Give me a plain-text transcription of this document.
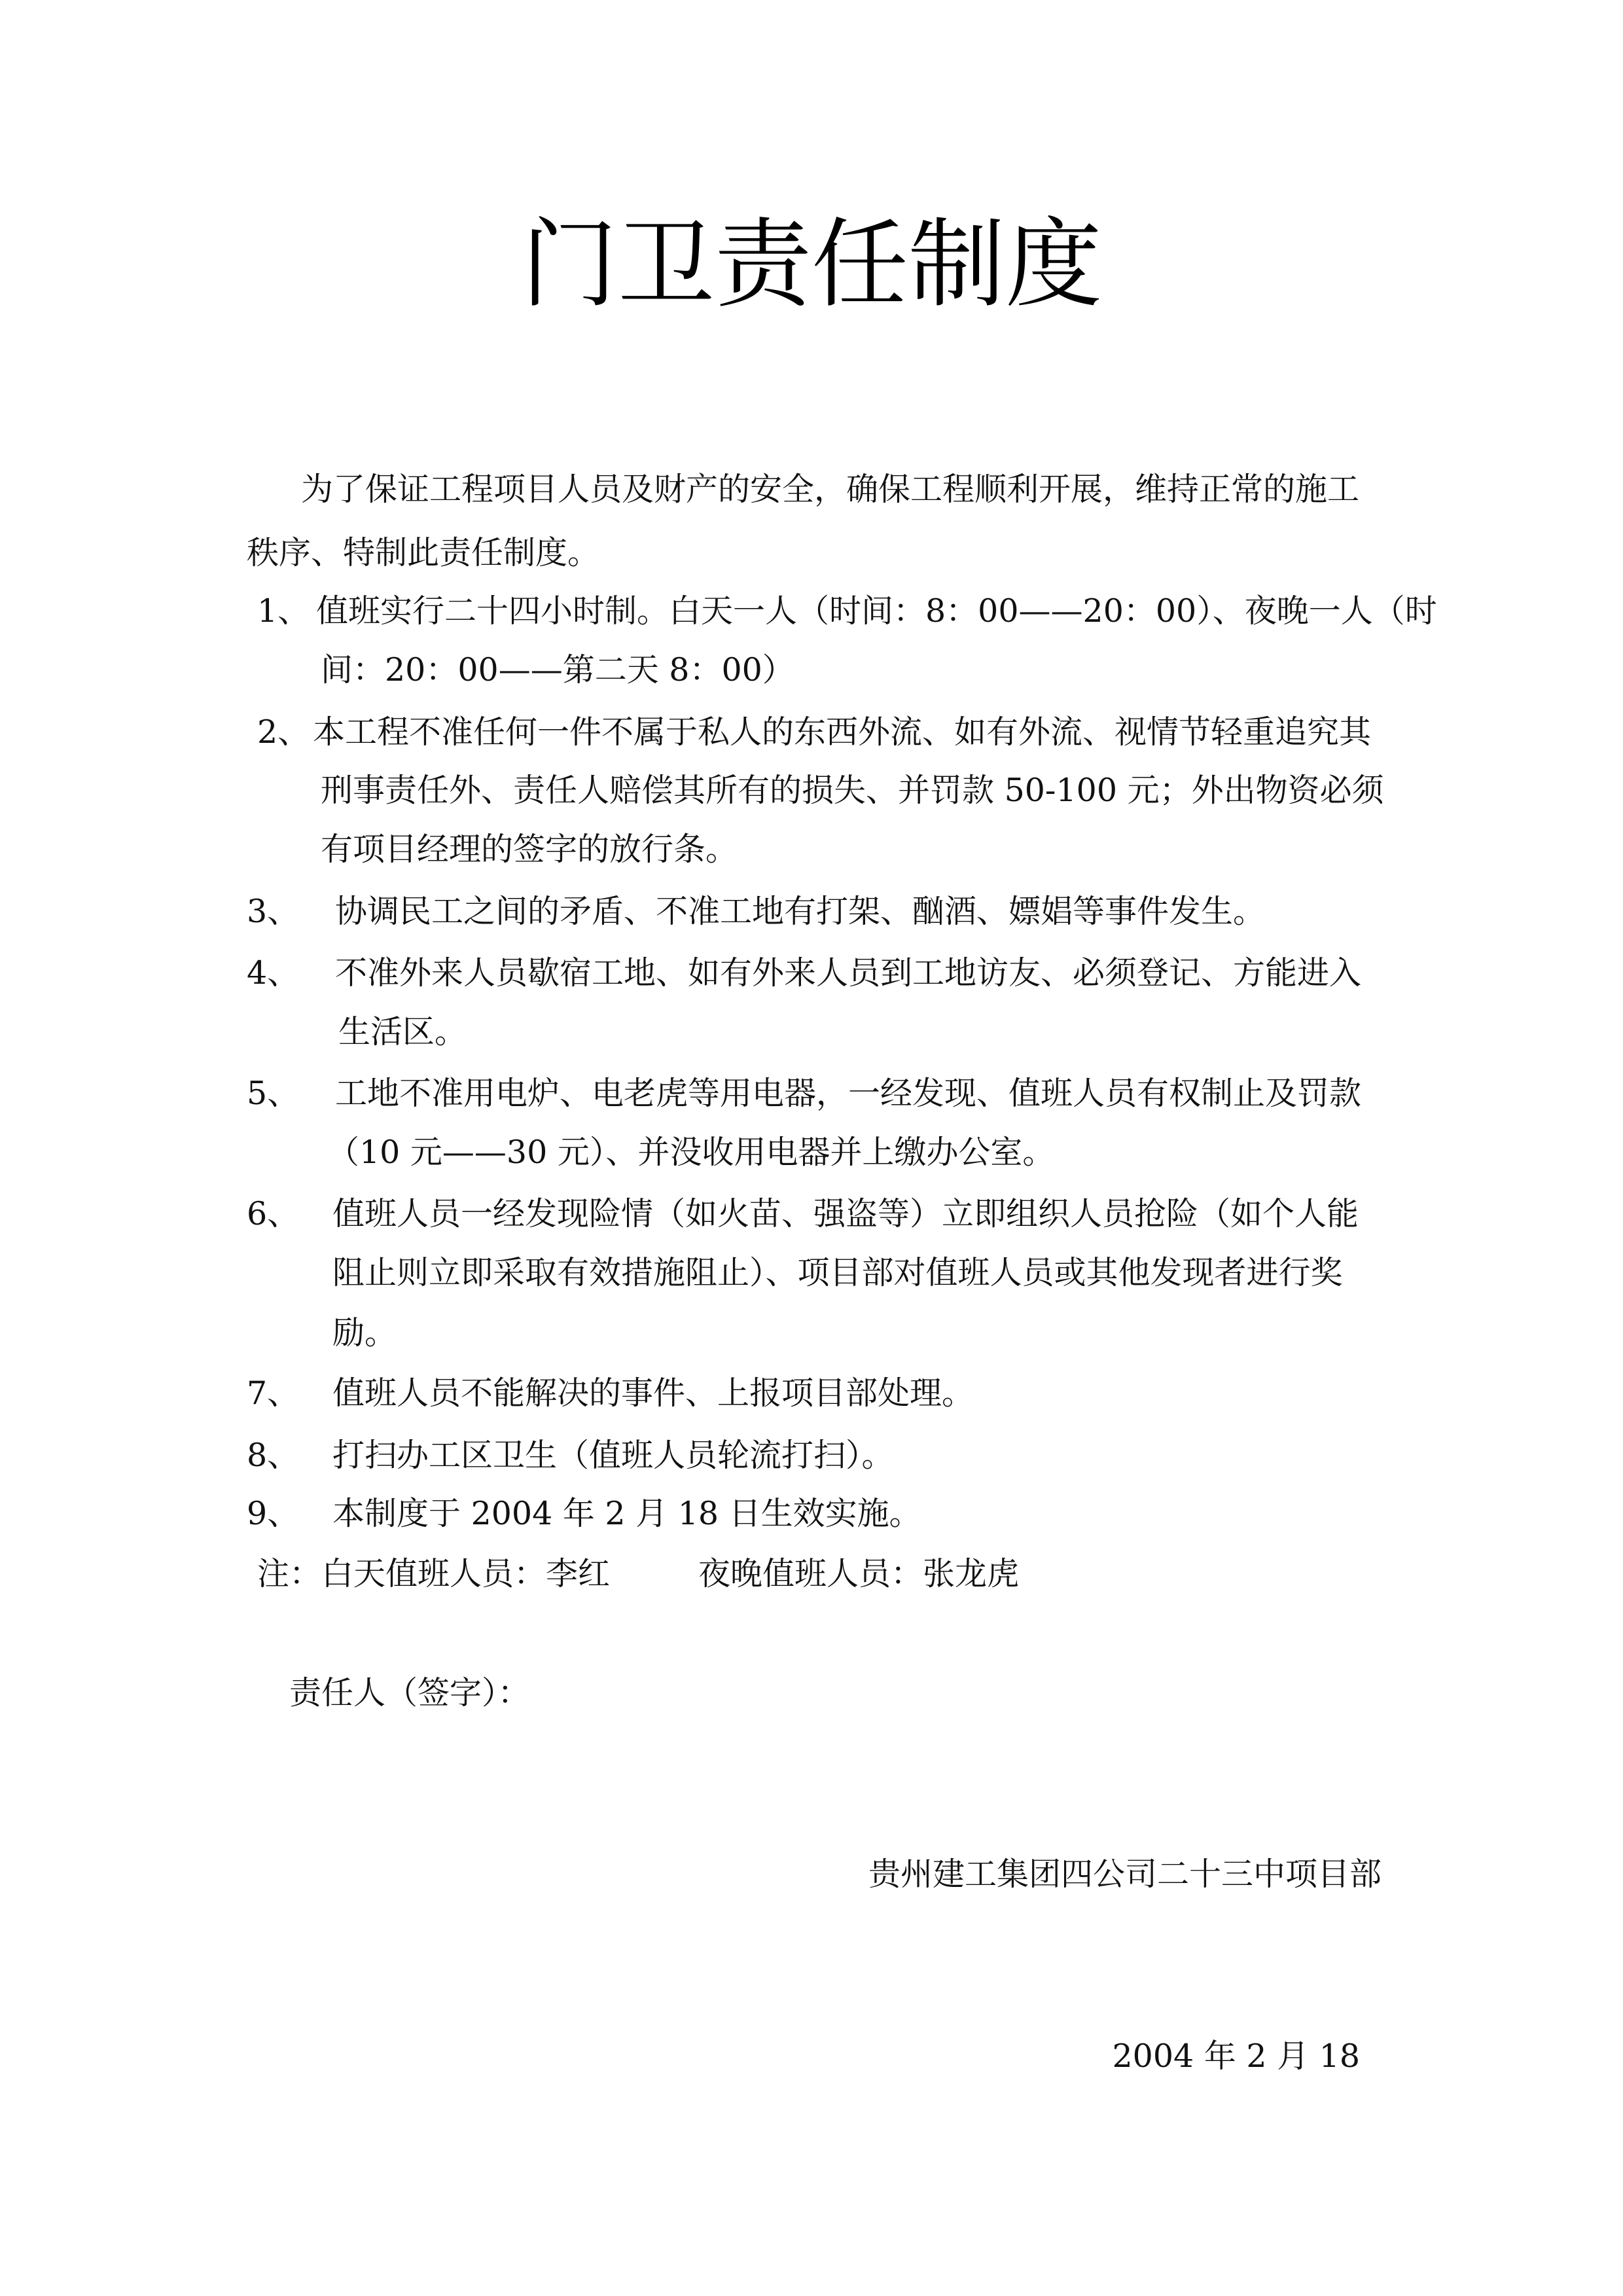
门卫责任制度
为了保证工程项目人员及财产的安全，确保工程顺利开展，维持正常的施工
秩序、特制此责任制度。
1、 值班实行二十四小时制。白天一人（时间：8：00——20：00）、夜晚一人（时
间：20：00——第二天 8：00）
2、 本工程不准任何一件不属于私人的东西外流、如有外流、视情节轻重追究其
刑事责任外、责任人赔偿其所有的损失、并罚款 50-100 元；外出物资必须
有项目经理的签字的放行条。
3、 协调民工之间的矛盾、不准工地有打架、酗酒、嫖娼等事件发生。
4、 不准外来人员歇宿工地、如有外来人员到工地访友、必须登记、方能进入
生活区。
5、 工地不准用电炉、电老虎等用电器，一经发现、值班人员有权制止及罚款
（10 元——30 元）、并没收用电器并上缴办公室。
6、 值班人员一经发现险情（如火苗、强盗等）立即组织人员抢险（如个人能
阻止则立即采取有效措施阻止）、项目部对值班人员或其他发现者进行奖
励。
7、 值班人员不能解决的事件、上报项目部处理。
8、 打扫办工区卫生（值班人员轮流打扫）。
9、 本制度于 2004 年 2 月 18 日生效实施。
注： 白天值班人员：李红	夜晚值班人员：张龙虎
责任人（签字）：
贵州建工集团四公司二十三中项目部
2004 年 2 月 18
